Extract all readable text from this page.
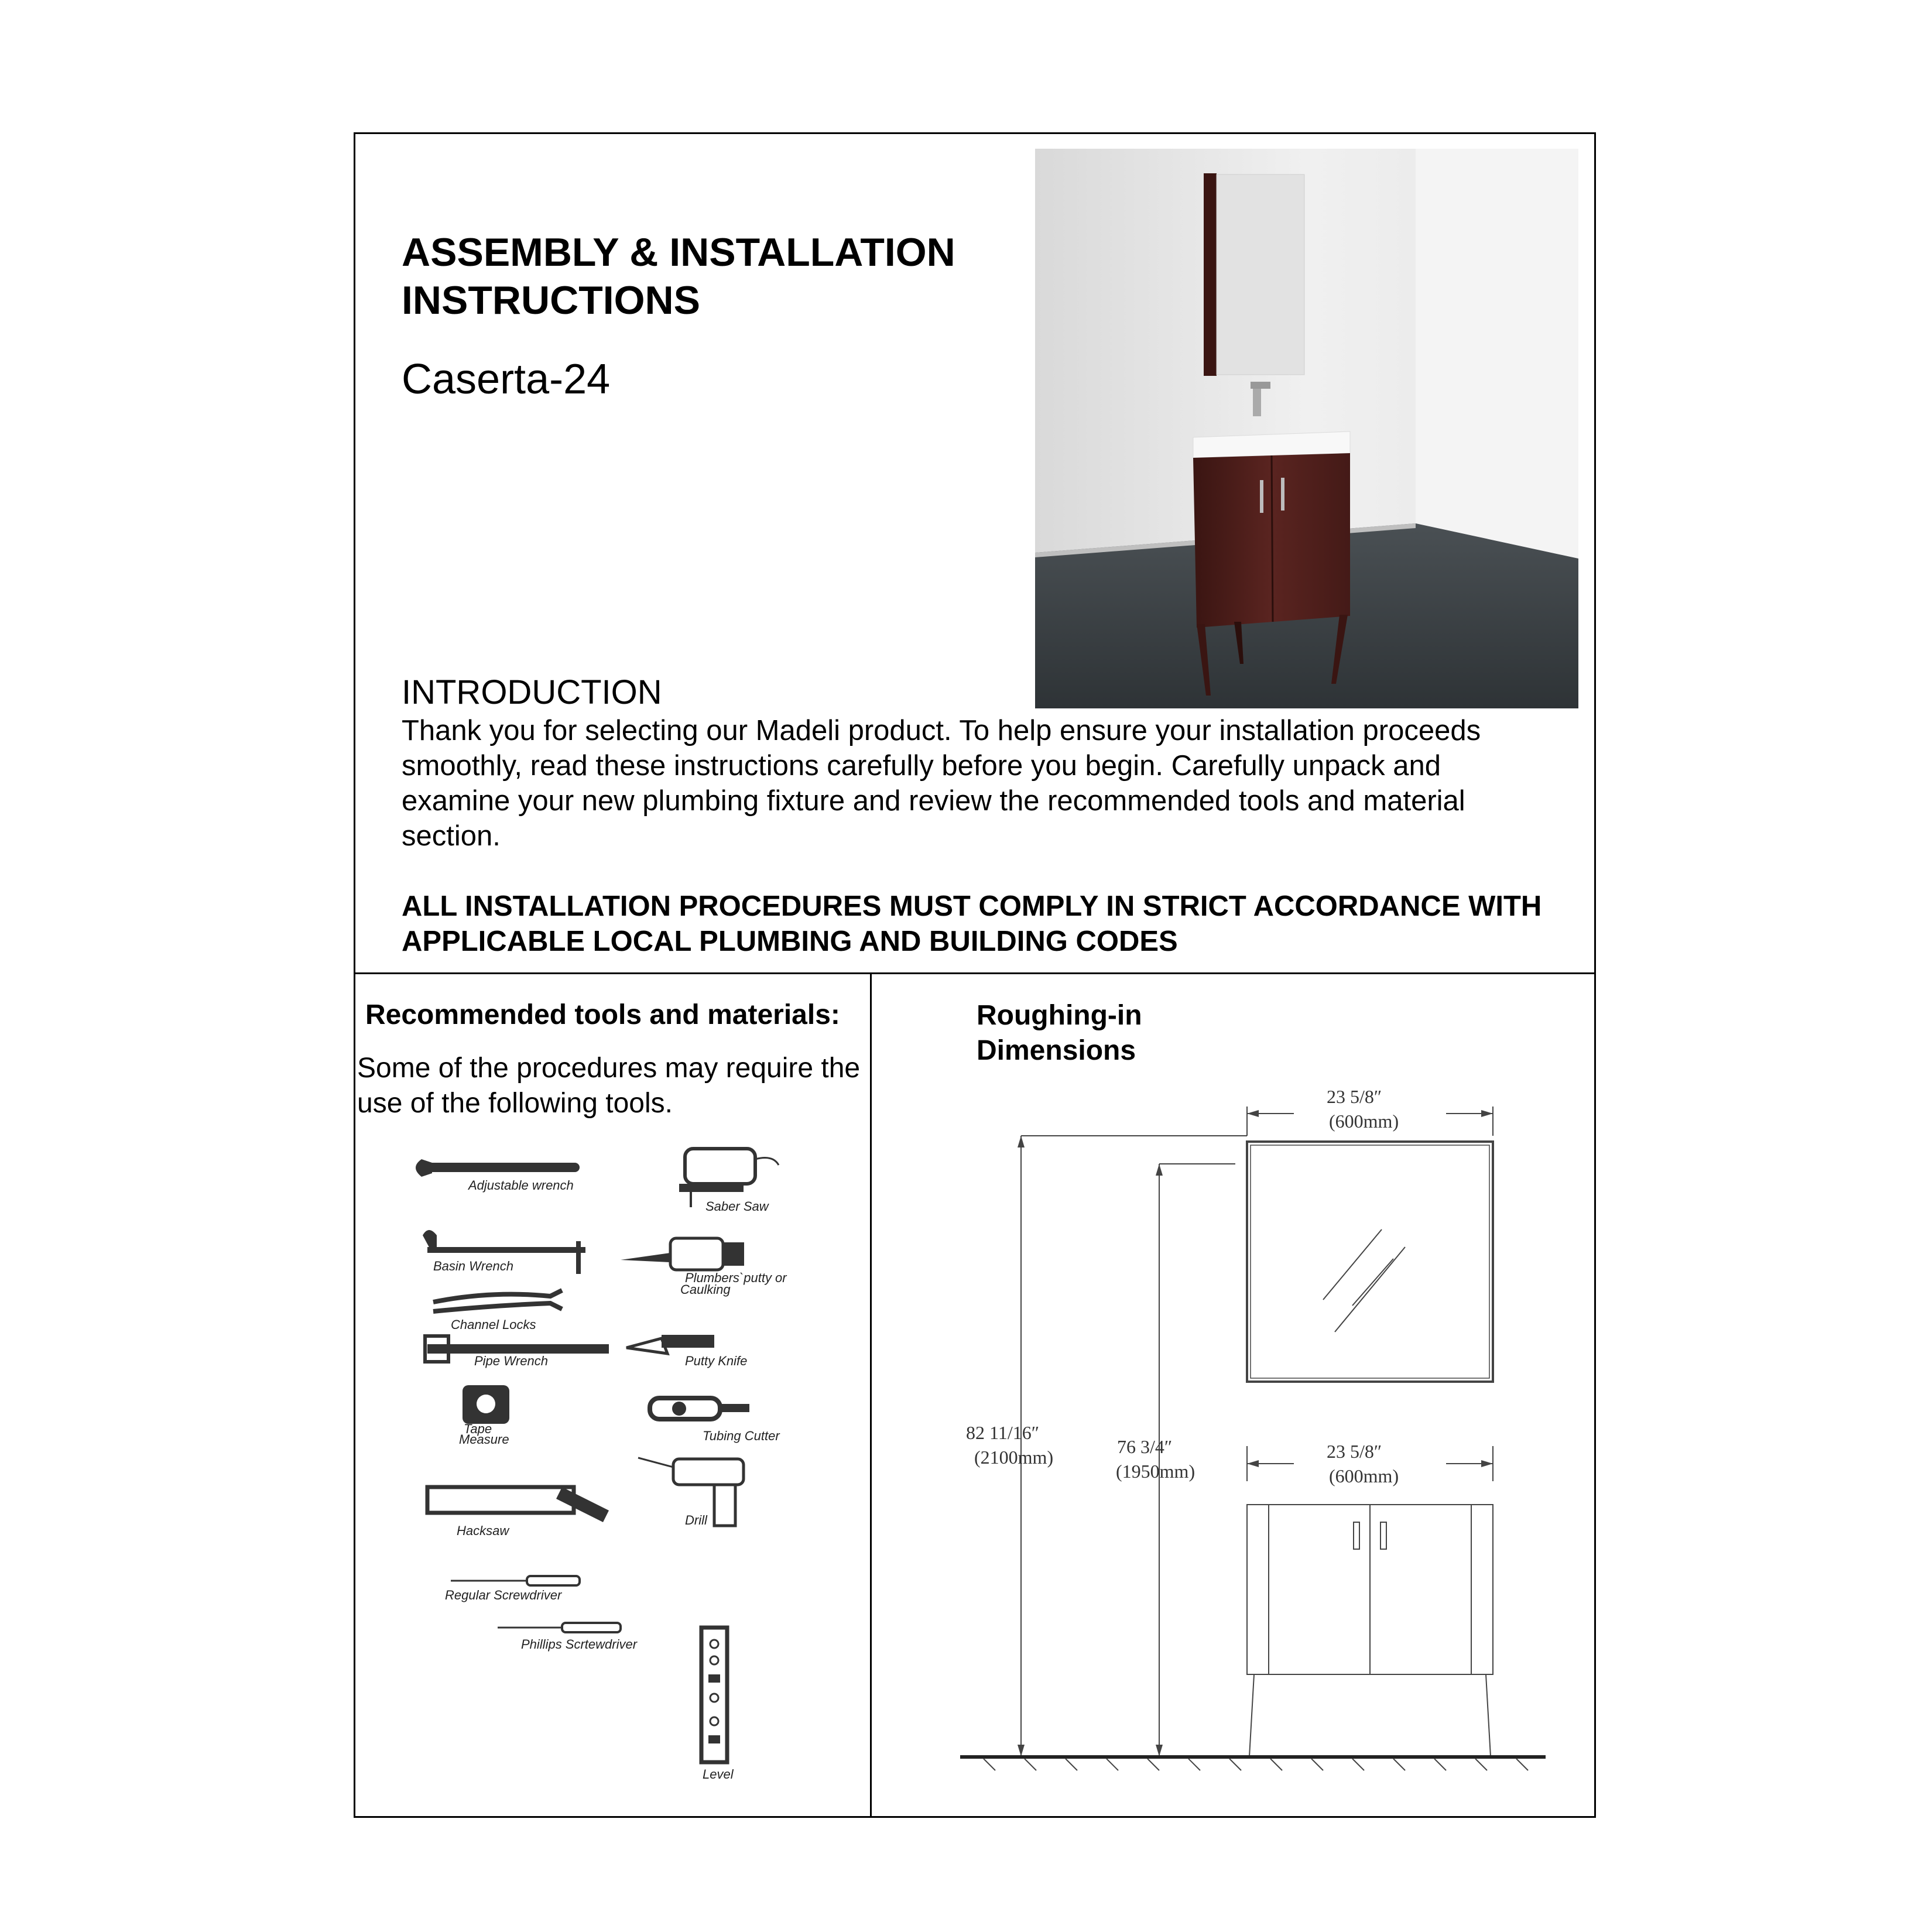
ASSEMBLY & INSTALLATION
INSTRUCTIONS
Caserta-24
INTRODUCTION
Thank you for selecting our Madeli product. To help ensure your installation proceeds smoothly, read these instructions carefully before you begin. Carefully unpack and examine your new plumbing fixture and review the recommended tools and material section.
ALL INSTALLATION PROCEDURES MUST COMPLY IN STRICT ACCORDANCE WITH APPLICABLE LOCAL PLUMBING AND BUILDING CODES
Recommended tools and materials:
Some of the procedures may require the use of the following tools.
Adjustable wrench
Saber Saw
Basin Wrench
Plumbers`putty or
Caulking
Channel Locks
Pipe Wrench	Putty Knife
Tape
Measure	Tubing Cutter
Hacksaw
Drill
Regular Screwdriver
Phillips Scrtewdriver
Level
Roughing-in
Dimensions
23 5/8″
(600mm)
82 11/16″
(2100mm)	76 3/4″
(1950mm)
23 5/8″
(600mm)
